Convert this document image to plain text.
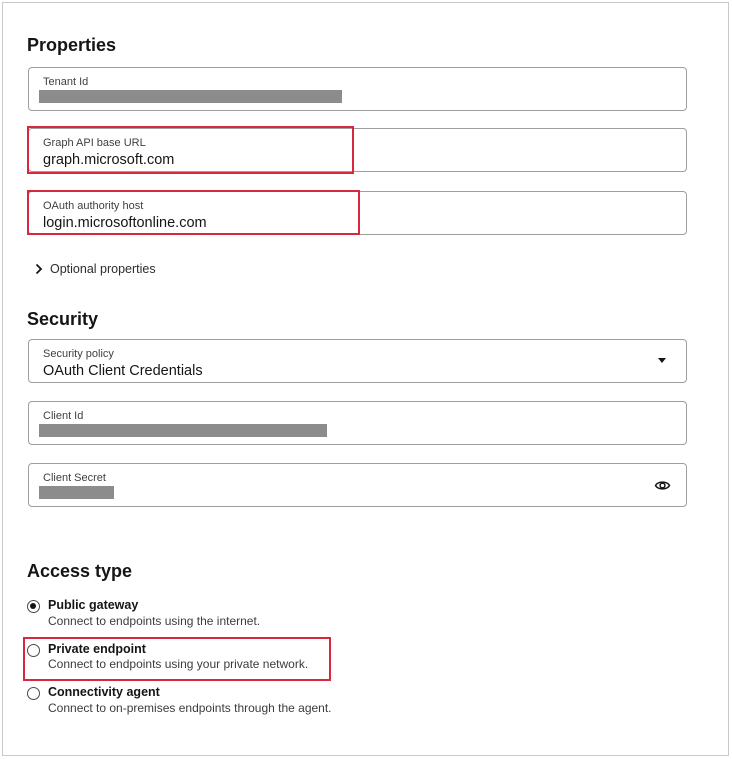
Properties
Tenant Id
Graph API base URL
graph.microsoft.com
OAuth authority host
login.microsoftonline.com
Optional properties
Security
Security policy
OAuth Client Credentials
Client Id
Client Secret
Access type
Public gateway
Connect to endpoints using the internet.
Private endpoint
Connect to endpoints using your private network.
Connectivity agent
Connect to on-premises endpoints through the agent.
